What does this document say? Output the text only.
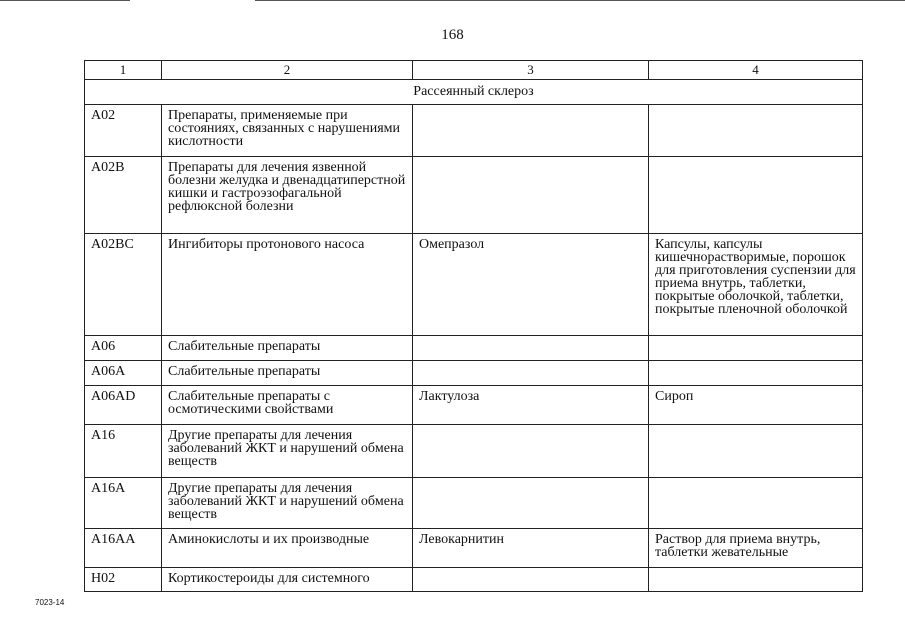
168
1	2	3	4
Рассеянный склероз			
A02	Препараты, применяемые при состояниях, связанных с нарушениями кислотности		
A02B	Препараты для лечения язвенной болезни желудка и двенадцатиперстной кишки и гастроэзофагальной рефлюксной болезни		
A02BC	Ингибиторы протонового насоса	Омепразол	Капсулы, капсулы кишечнорастворимые, порошок для приготовления суспензии для приема внутрь, таблетки, покрытые оболочкой, таблетки, покрытые пленочной оболочкой
A06	Слабительные препараты		
A06A	Слабительные препараты		
A06AD	Слабительные препараты с осмотическими свойствами	Лактулоза	Сироп
A16	Другие препараты для лечения заболеваний ЖКТ и нарушений обмена веществ		
A16A	Другие препараты для лечения заболеваний ЖКТ и нарушений обмена веществ		
A16AA	Аминокислоты и их производные	Левокарнитин	Раствор для приема внутрь, таблетки жевательные
H02	Кортикостероиды для системного		
7023-14
